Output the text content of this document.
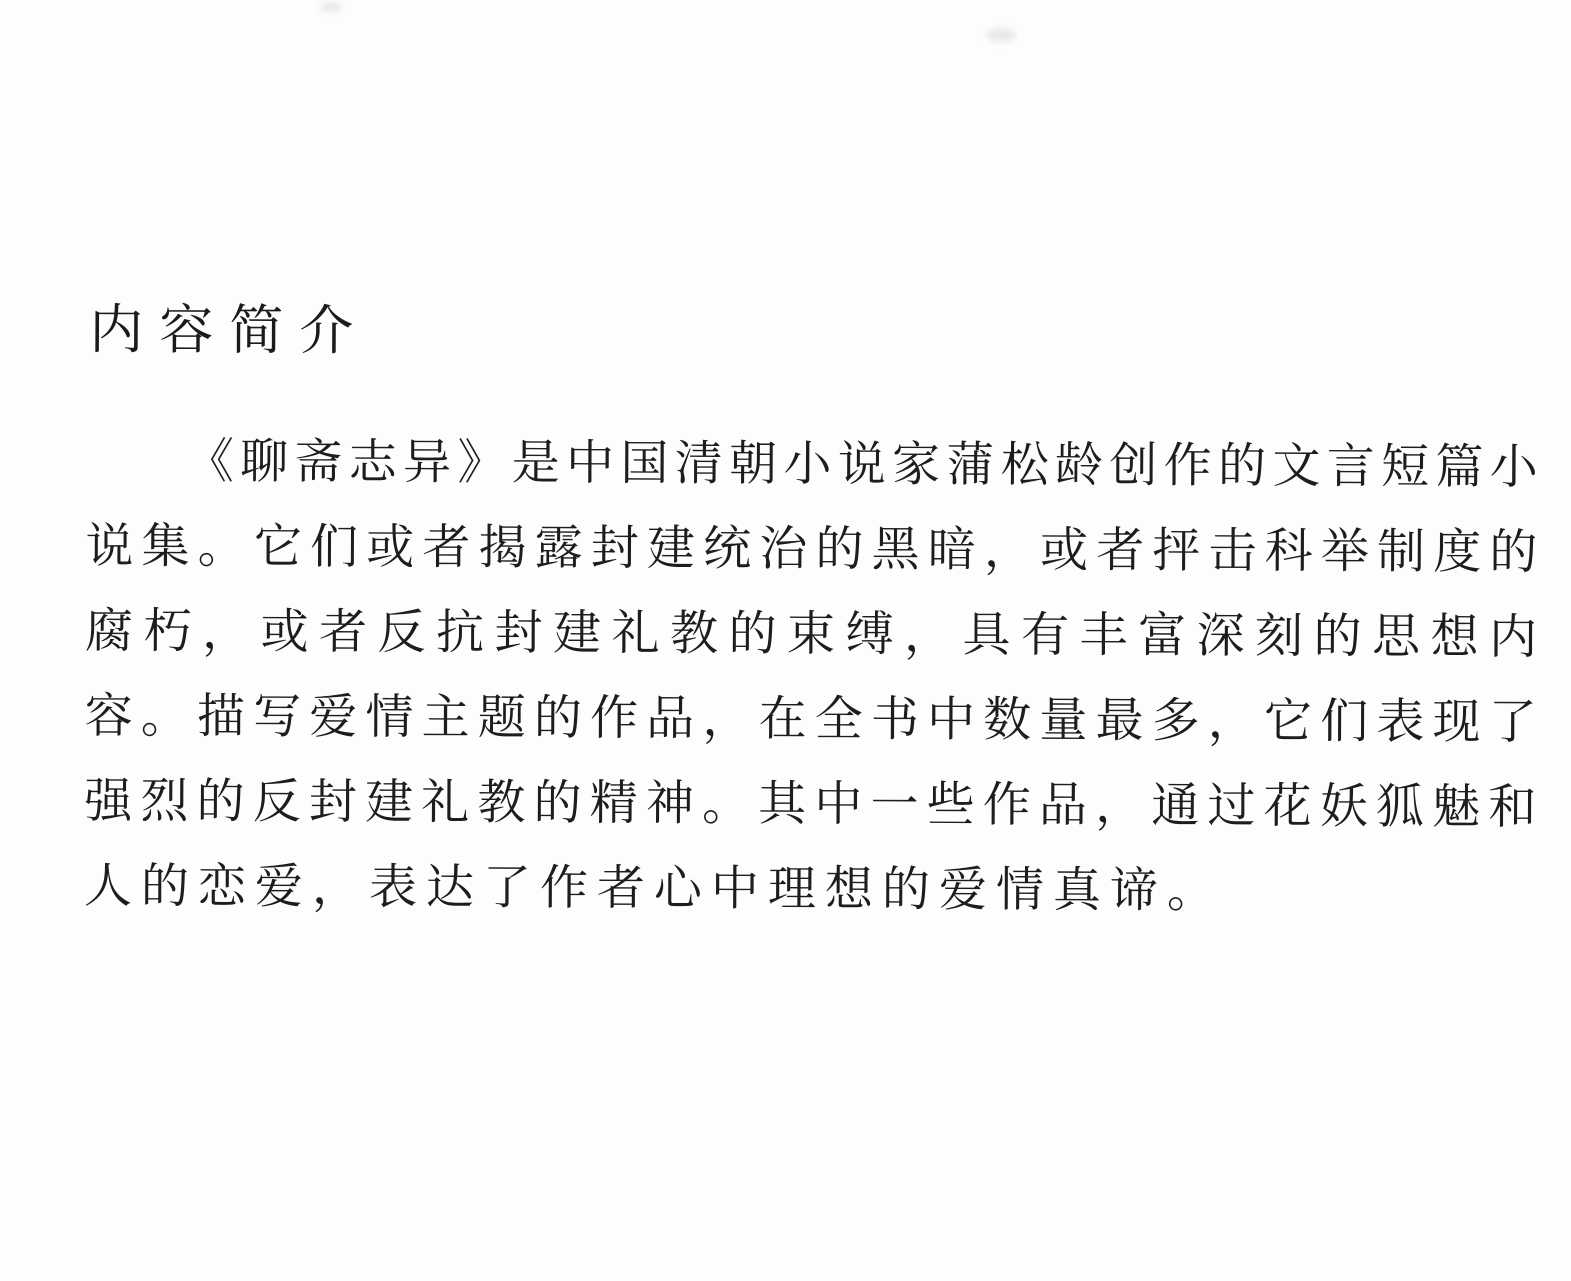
内容简介
《聊斋志异》是中国清朝小说家蒲松龄创作的文言短篇小
说集。它们或者揭露封建统治的黑暗，或者抨击科举制度的
腐朽，或者反抗封建礼教的束缚，具有丰富深刻的思想内
容。描写爱情主题的作品，在全书中数量最多，它们表现了
强烈的反封建礼教的精神。其中一些作品，通过花妖狐魅和
人的恋爱，表达了作者心中理想的爱情真谛。
